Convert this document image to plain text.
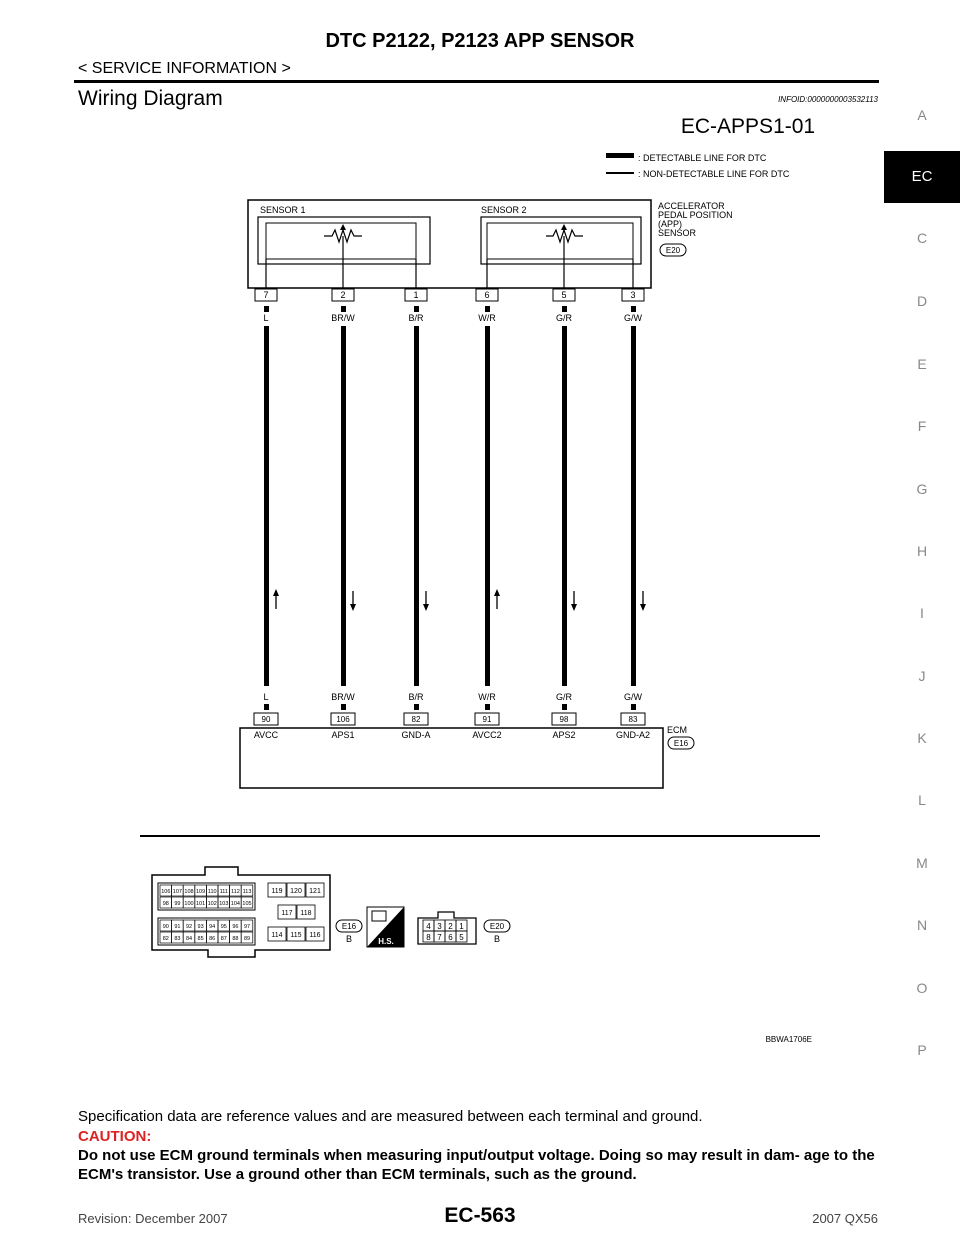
DTC P2122, P2123 APP SENSOR
< SERVICE INFORMATION >
Wiring Diagram	INFOID:0000000003532113
A
EC
C
D
E
F
G
H
I
J
K
L
M
N
O
P
EC-APPS1-01
: DETECTABLE LINE FOR DTC
: NON-DETECTABLE LINE FOR DTC
SENSOR 1	SENSOR 2	ACCELERATOR
PEDAL POSITION
(APP)
SENSOR
E20
7
L
L
90
AVCC
2
BR/W
BR/W
106
APS1
1
B/R
B/R
82
GND-A
6
W/R
W/R
91
AVCC2
5
G/R
G/R
98
APS2
3
G/W
G/W
83
GND-A2 ECM
E16
106 107 108 109 110 111 112 113
98 99 100 101 102 103 104 105
90 91 92 93 94 95 96 97
82 83 84 85 86 87 88 89
119 120 121
117 118
114 115 116
E16
B	H.S.
4 3 2 1
8 7 6 5
E20
B
BBWA1706E
Specification data are reference values and are measured between each terminal and ground.
CAUTION:
Do not use ECM ground terminals when measuring input/output voltage. Doing so may result in dam- age to the ECM's transistor. Use a ground other than ECM terminals, such as the ground.
Revision: December 2007	EC-563	2007 QX56
